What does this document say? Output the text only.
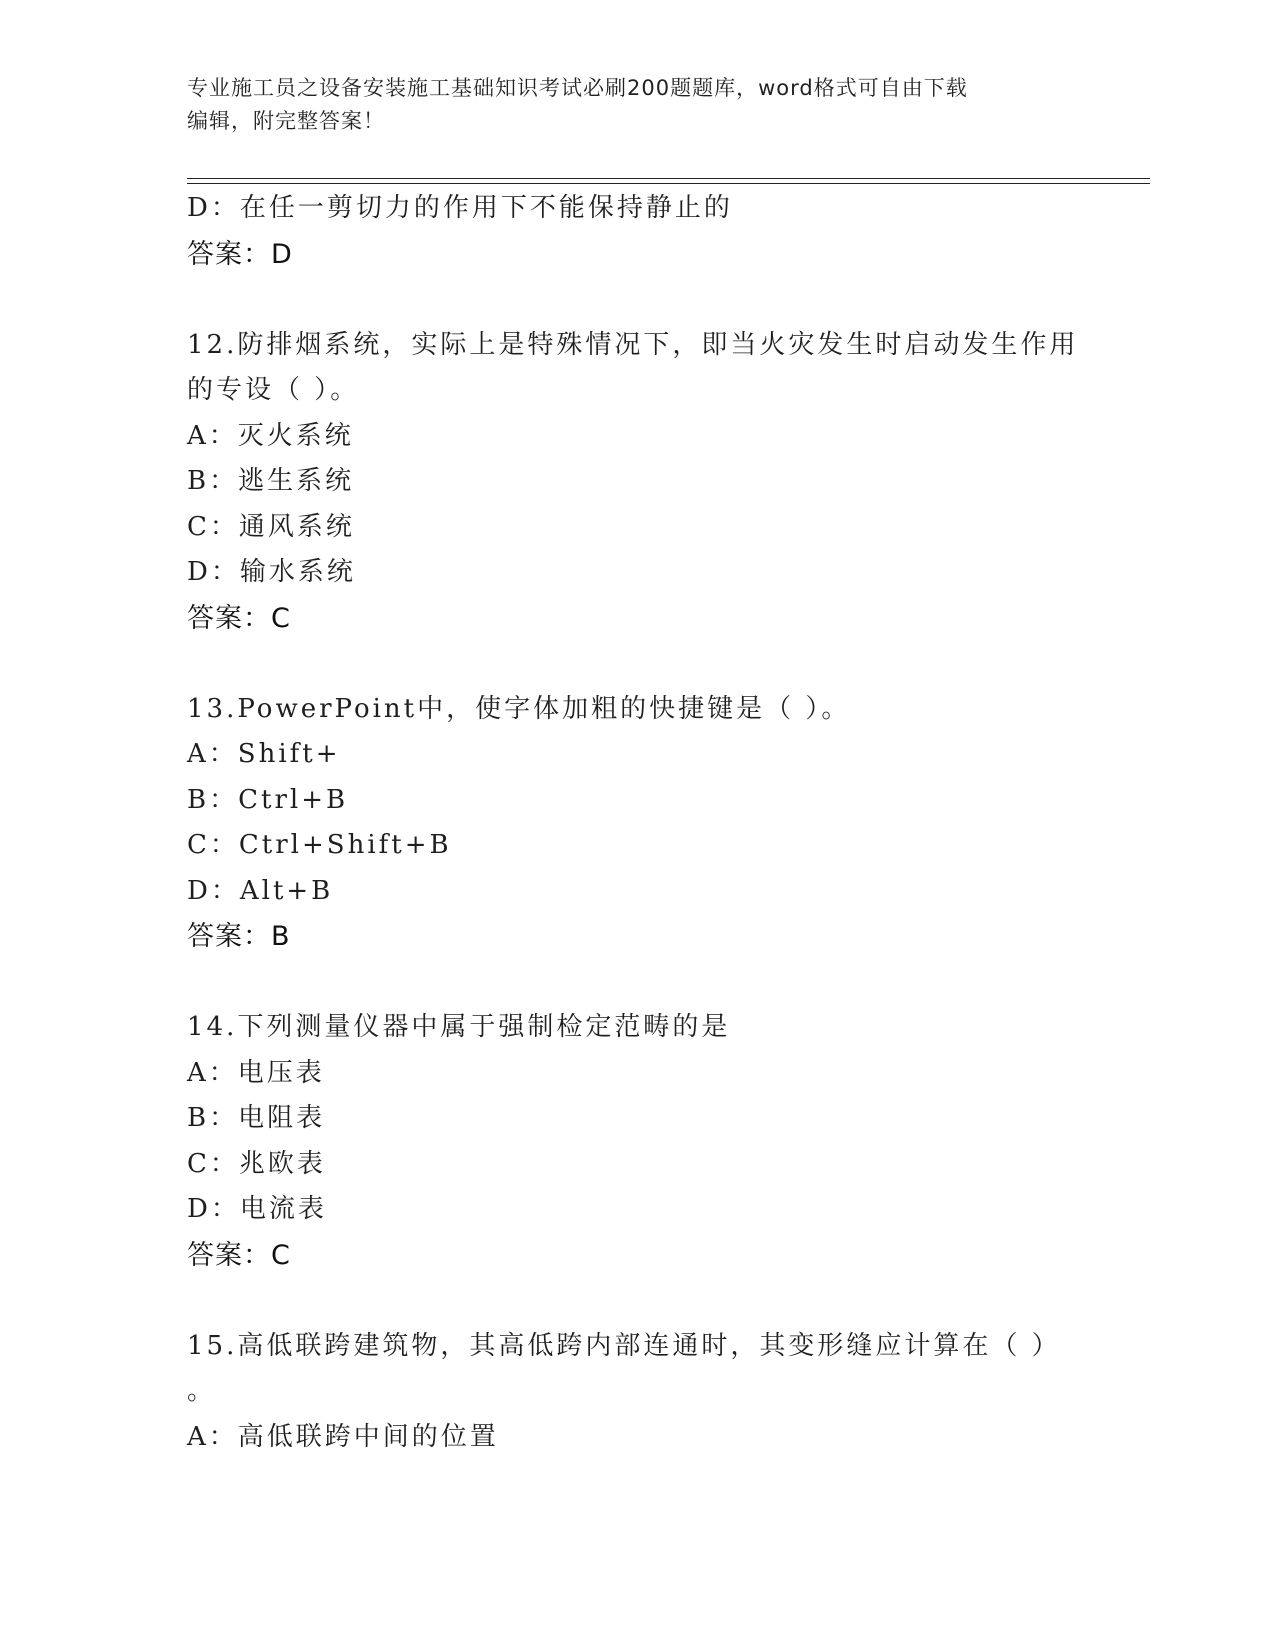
专业施工员之设备安装施工基础知识考试必刷200题题库，word格式可自由下载
编辑，附完整答案！
D：在任一剪切力的作用下不能保持静止的
答案：D
12.防排烟系统，实际上是特殊情况下，即当火灾发生时启动发生作用
的专设（ ）。
A：灭火系统
B：逃生系统
C：通风系统
D：输水系统
答案：C
13.PowerPoint中，使字体加粗的快捷键是（ ）。
A：Shift+
B：Ctrl+B
C：Ctrl+Shift+B
D：Alt+B
答案：B
14.下列测量仪器中属于强制检定范畴的是
A：电压表
B：电阻表
C：兆欧表
D：电流表
答案：C
15.高低联跨建筑物，其高低跨内部连通时，其变形缝应计算在（ ）
。
A：高低联跨中间的位置
